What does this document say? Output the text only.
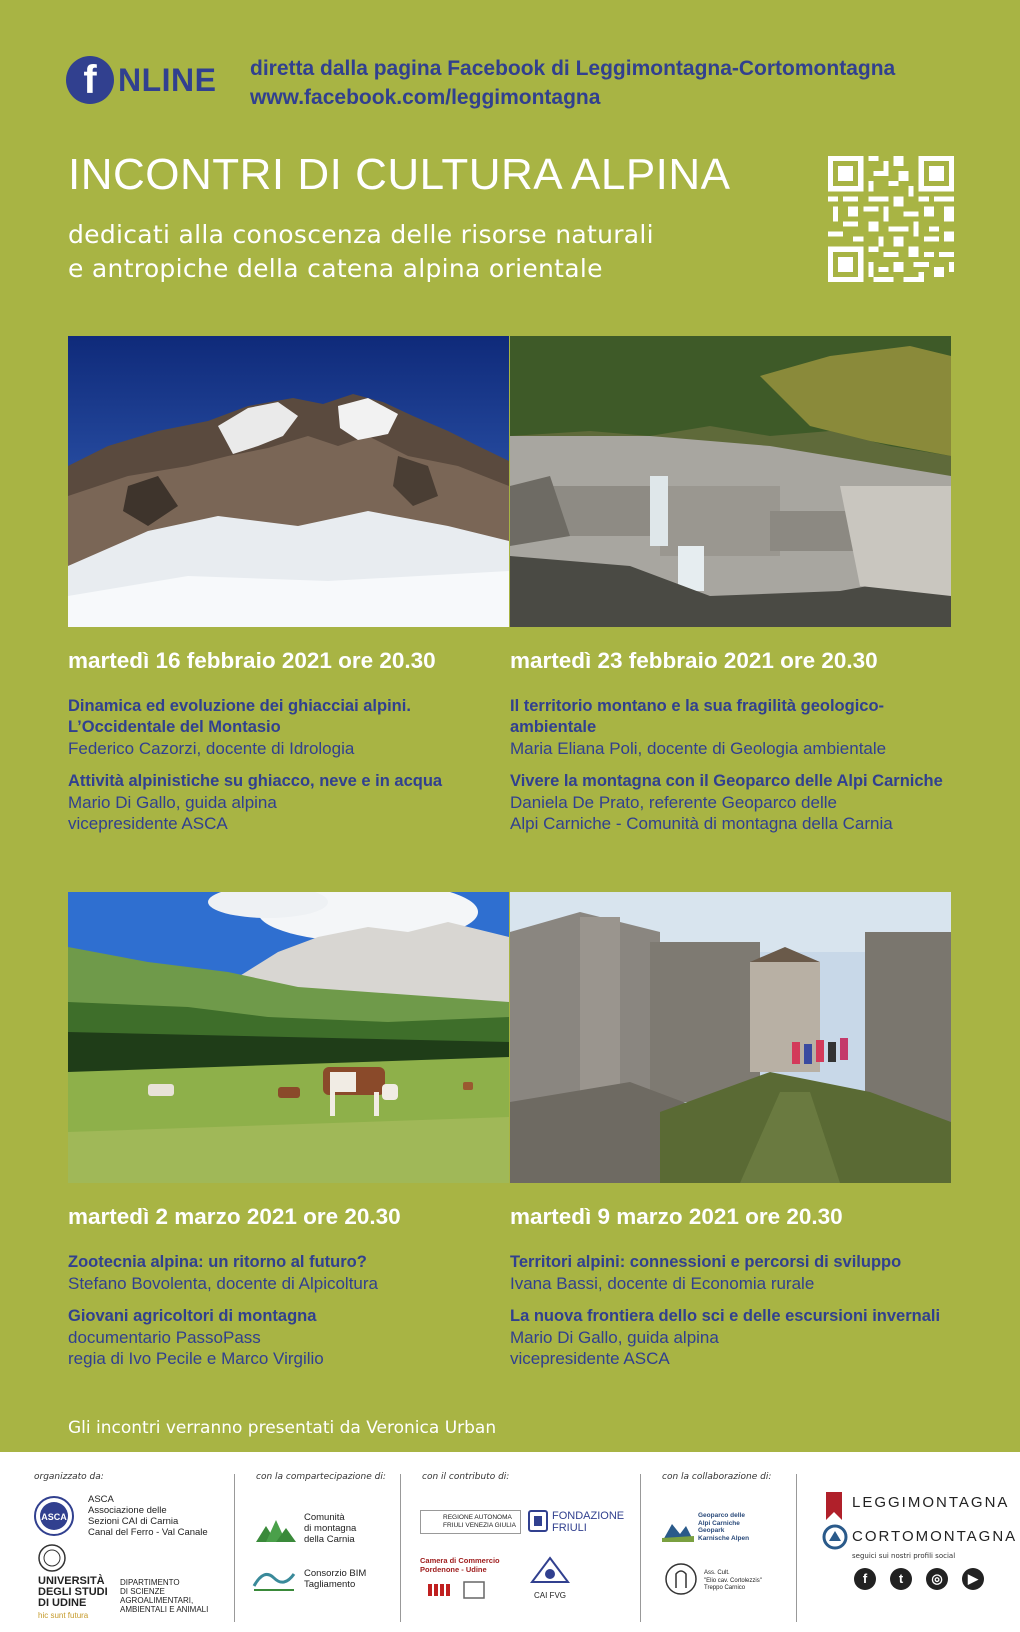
f NLINE diretta dalla pagina Facebook di Leggimontagna-Cortomontagna
www.facebook.com/leggimontagna
INCONTRI DI CULTURA ALPINA
dedicati alla conoscenza delle risorse naturali
e antropiche della catena alpina orientale
martedì 16 febbraio 2021 ore 20.30
Dinamica ed evoluzione dei ghiacciai alpini. L’Occidentale del Montasio
Federico Cazorzi, docente di Idrologia
Attività alpinistiche su ghiacco, neve e in acqua
Mario Di Gallo, guida alpina
vicepresidente ASCA
martedì 23 febbraio 2021 ore 20.30
Il territorio montano e la sua fragilità geologico-ambientale
Maria Eliana Poli, docente di Geologia ambientale
Vivere la montagna con il Geoparco delle Alpi Carniche
Daniela De Prato, referente Geoparco delle
Alpi Carniche - Comunità di montagna della Carnia
martedì 2 marzo 2021 ore 20.30
Zootecnia alpina: un ritorno al futuro?
Stefano Bovolenta, docente di Alpicoltura
Giovani agricoltori di montagna
documentario PassoPass
regia di Ivo Pecile e Marco Virgilio
martedì 9 marzo 2021 ore 20.30
Territori alpini: connessioni e percorsi di sviluppo
Ivana Bassi, docente di Economia rurale
La nuova frontiera dello sci e delle escursioni invernali
Mario Di Gallo, guida alpina
vicepresidente ASCA
Gli incontri verranno presentati da Veronica Urban
organizzato da:
ASCA
ASCA
Associazione delle
Sezioni CAI di Carnia
Canal del Ferro - Val Canale
UNIVERSITÀ
DEGLI STUDI
DI UDINE
hic sunt futura
DIPARTIMENTO
DI SCIENZE
AGROALIMENTARI,
AMBIENTALI E ANIMALI
con la compartecipazione di:
Comunità
di montagna
della Carnia
Consorzio BIM
Tagliamento
con il contributo di:
REGIONE AUTONOMA
FRIULI VENEZIA GIULIA
FONDAZIONE
FRIULI
Camera di Commercio
Pordenone - Udine
CAI FVG
con la collaborazione di:
Geoparco delle
Alpi Carniche
Geopark
Karnische Alpen
Ass. Cult.
"Elio cav. Cortolezzis"
Treppo Carnico
LEGGIMONTAGNA
CORTOMONTAGNA
seguici sui nostri profili social
f	t	◎	▶
